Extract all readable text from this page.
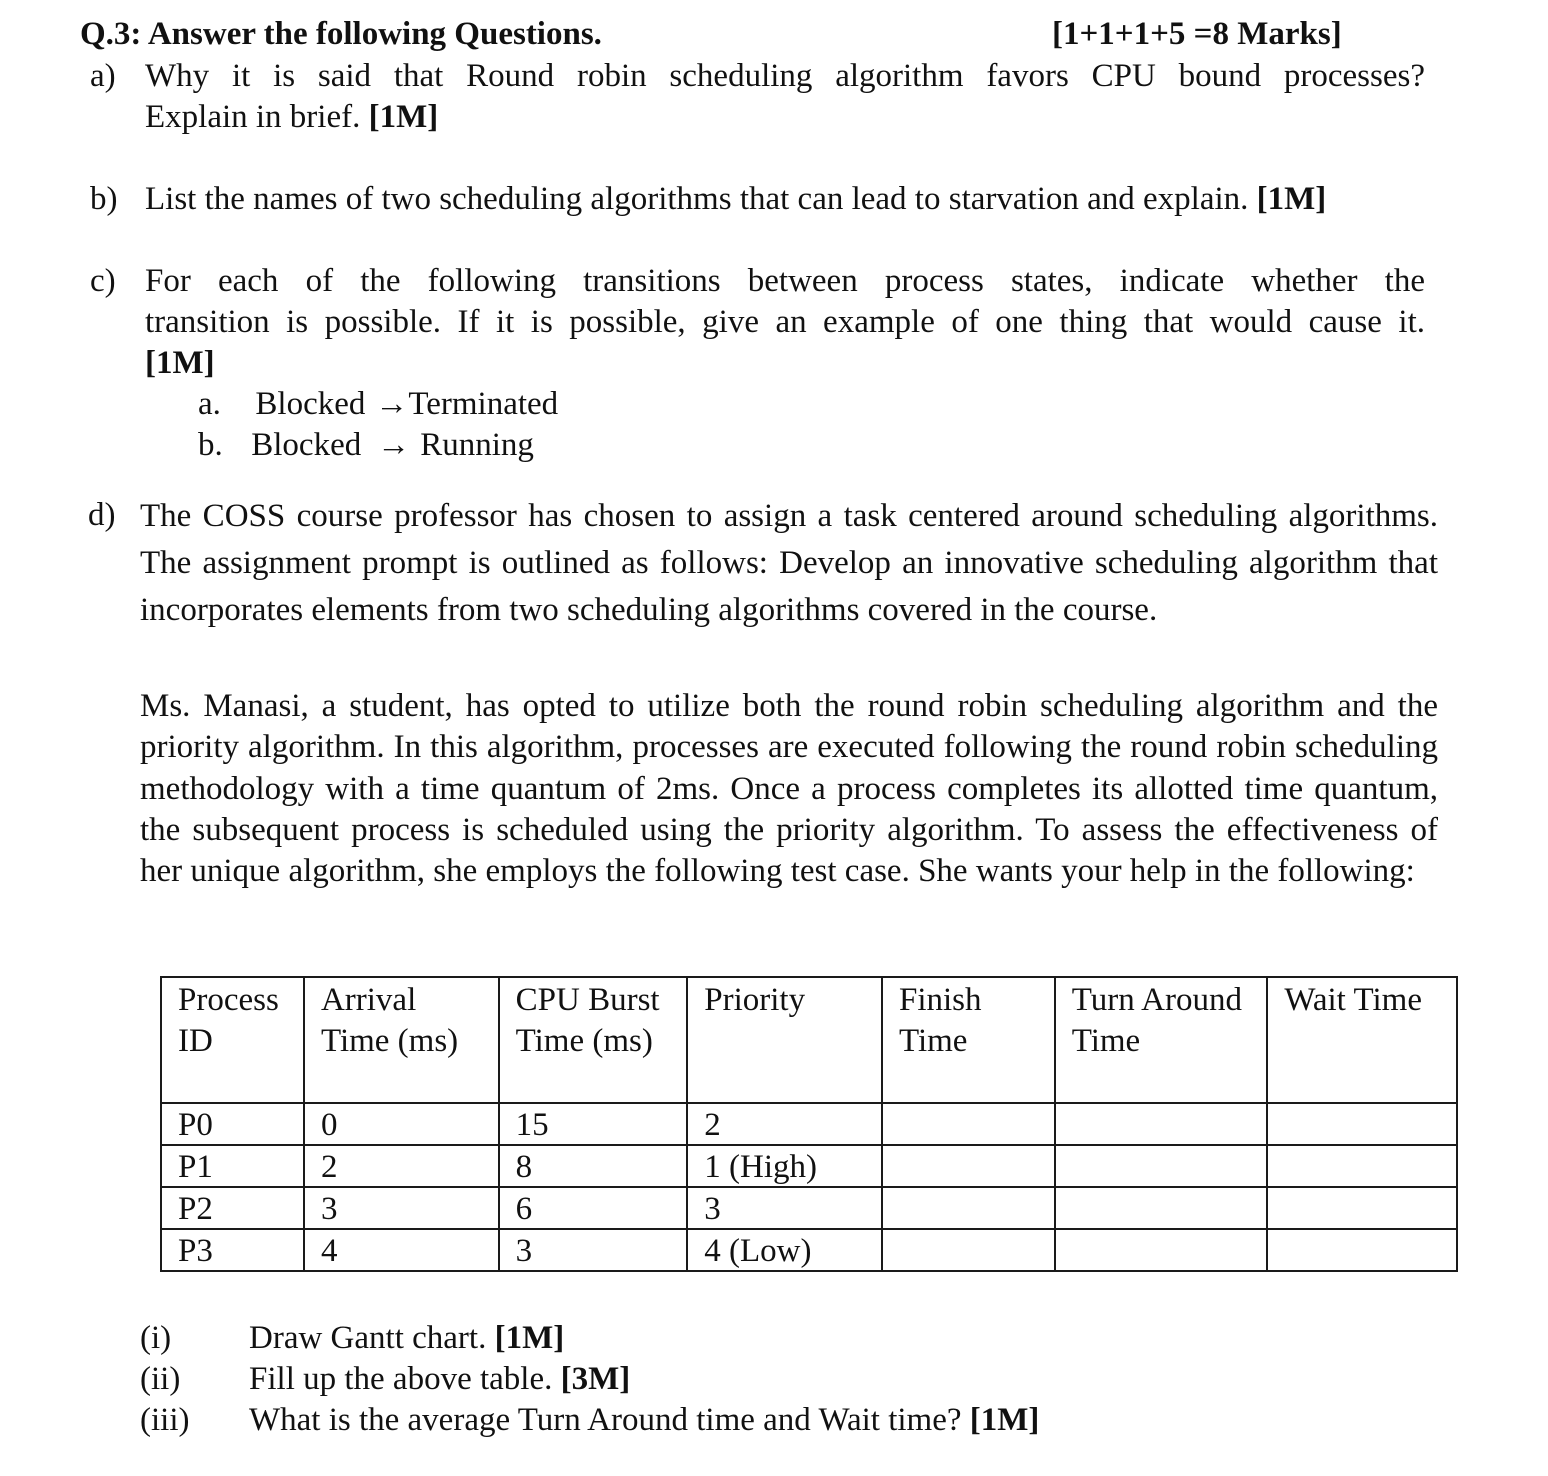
Q.3: Answer the following Questions.	[1+1+1+5 =8 Marks]
a) Why it is said that Round robin scheduling algorithm favors CPU bound processes?
Explain in brief. [1M]
b) List the names of two scheduling algorithms that can lead to starvation and explain. [1M]
c) For each of the following transitions between process states, indicate whether the
transition is possible. If it is possible, give an example of one thing that would cause it.
[1M]
a. Blocked →Terminated
b. Blocked → Running
d) The COSS course professor has chosen to assign a task centered around scheduling algorithms. The assignment prompt is outlined as follows: Develop an innovative scheduling algorithm that incorporates elements from two scheduling algorithms covered in the course.
Ms. Manasi, a student, has opted to utilize both the round robin scheduling algorithm and the priority algorithm. In this algorithm, processes are executed following the round robin scheduling methodology with a time quantum of 2ms. Once a process completes its allotted time quantum, the subsequent process is scheduled using the priority algorithm. To assess the effectiveness of her unique algorithm, she employs the following test case. She wants your help in the following:
Process ID	Arrival Time (ms)	CPU Burst Time (ms)	Priority	Finish Time	Turn Around Time	Wait Time
P0	0	15	2			
P1	2	8	1 (High)			
P2	3	6	3			
P3	4	3	4 (Low)			
(i) Draw Gantt chart. [1M]
(ii) Fill up the above table. [3M]
(iii) What is the average Turn Around time and Wait time? [1M]
